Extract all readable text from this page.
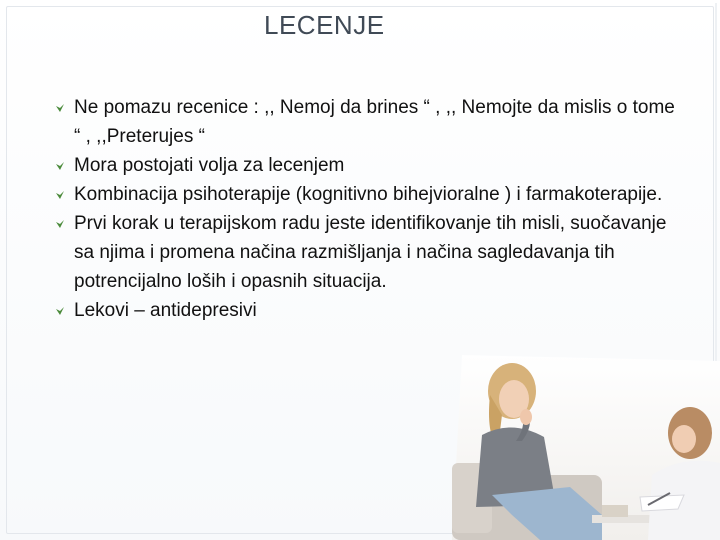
LECENJE
Ne pomazu recenice : ,, Nemoj da brines “ , ,, Nemojte da mislis o tome “ , ,,Preterujes “
Mora postojati volja za lecenjem
Kombinacija psihoterapije (kognitivno bihejvioralne ) i farmakoterapije.
Prvi korak u terapijskom radu jeste identifikovanje tih misli, suočavanje sa njima i promena načina razmišljanja i načina sagledavanja tih potrencijalno loših i opasnih situacija.
Lekovi – antidepresivi
